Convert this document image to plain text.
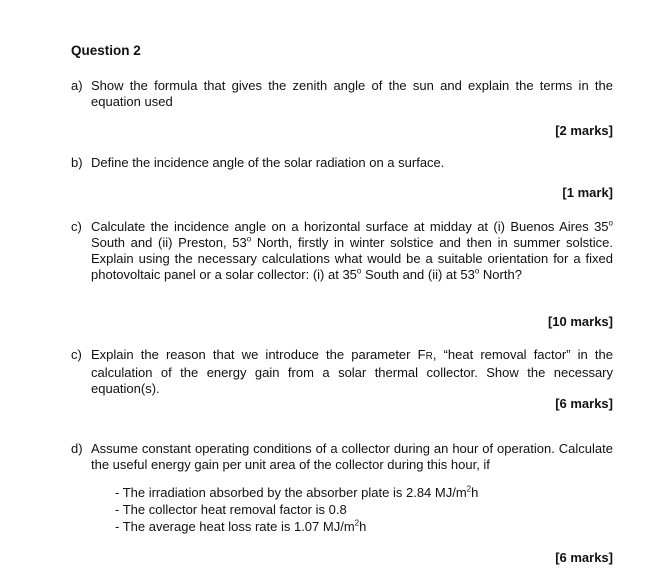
Question 2
a) Show the formula that gives the zenith angle of the sun and explain the terms in the equation used
[2 marks]
b) Define the incidence angle of the solar radiation on a surface.
[1 mark]
c) Calculate the incidence angle on a horizontal surface at midday at (i) Buenos Aires 35$^o$ South and (ii) Preston, 53$^o$ North, firstly in winter solstice and then in summer solstice. Explain using the necessary calculations what would be a suitable orientation for a fixed photovoltaic panel or a solar collector: (i) at 35$^o$ South and (ii) at 53$^o$ North?
[10 marks]
c) Explain the reason that we introduce the parameter FR, “heat removal factor” in the calculation of the energy gain from a solar thermal collector. Show the necessary equation(s).
[6 marks]
d) Assume constant operating conditions of a collector during an hour of operation. Calculate the useful energy gain per unit area of the collector during this hour, if
- The irradiation absorbed by the absorber plate is 2.84 $MJ/m^2h$
- The collector heat removal factor is 0.8
- The average heat loss rate is 1.07 $MJ/m^2h$
[6 marks]
